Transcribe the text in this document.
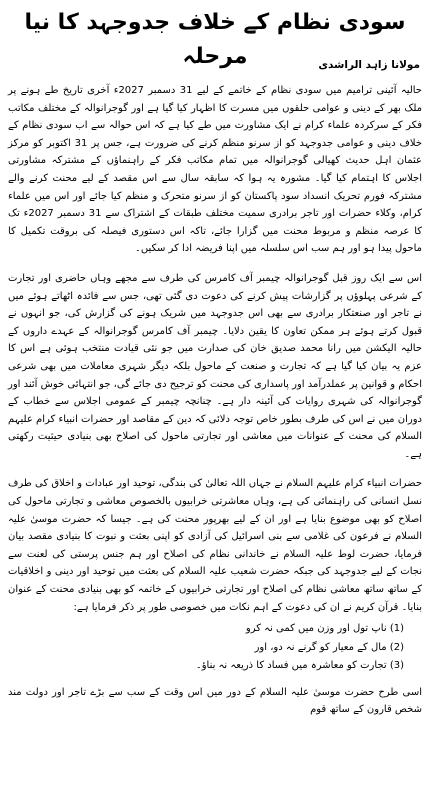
سودی نظام کے خلاف جدوجہد کا نیا مرحلہ	مولانا زاہد الراشدی

حالیہ آئینی ترامیم میں سودی نظام کے خاتمے کے لیے 31 دسمبر 2027ء آخری تاریخ طے ہونے پر ملک بھر کے دینی و عوامی حلقوں میں مسرت کا اظہار کیا گیا ہے اور گوجرانوالہ کے مختلف مکاتب فکر کے سرکردہ علماء کرام نے ایک مشاورت میں طے کیا ہے کہ اس حوالہ سے اب سودی نظام کے خلاف دینی و عوامی جدوجہد کو از سرنو منظم کرنے کی ضرورت ہے، جس پر 31 اکتوبر کو مرکز عثمان اہل حدیث کھیالی گوجرانوالہ میں تمام مکاتب فکر کے راہنماؤں کے مشترکہ مشاورتی اجلاس کا اہتمام کیا گیا۔ مشورہ یہ ہوا کہ سابقہ سال سے اس مقصد کے لیے محنت کرنے والے مشترکہ فورم تحریک انسداد سود پاکستان کو از سرنو متحرک و منظم کیا جائے اور اس میں علماء کرام، وکلاء حضرات اور تاجر برادری سمیت مختلف طبقات کے اشتراک سے 31 دسمبر 2027ء تک کا عرصہ منظم و مربوط محنت میں گزارا جائے، تاکہ اس دستوری فیصلہ کی بروقت تکمیل کا ماحول پیدا ہو اور ہم سب اس سلسلہ میں اپنا فریضہ ادا کر سکیں۔

اس سے ایک روز قبل گوجرانوالہ چیمبر آف کامرس کی طرف سے مجھے وہاں حاضری اور تجارت کے شرعی پہلوؤں پر گزارشات پیش کرنے کی دعوت دی گئی تھی، جس سے فائدہ اٹھاتے ہوئے میں نے تاجر اور صنعتکار برادری سے بھی اس جدوجہد میں شریک ہونے کی گزارش کی، جو انہوں نے قبول کرتے ہوئے ہر ممکن تعاون کا یقین دلایا۔ چیمبر آف کامرس گوجرانوالہ کے عہدے داروں کے حالیہ الیکشن میں رانا محمد صدیق خان کی صدارت میں جو نئی قیادت منتخب ہوئی ہے اس کا عزم یہ بیان کیا گیا ہے کہ تجارت و صنعت کے ماحول بلکہ دیگر شہری معاملات میں بھی شرعی احکام و قوانین پر عملدرآمد اور پاسداری کی محنت کو ترجیح دی جائے گی، جو انتہائی خوش آئند اور گوجرانوالہ کی شہری روایات کی آئینہ دار ہے۔ چنانچہ چیمبر کے عمومی اجلاس سے خطاب کے دوران میں نے اس کی طرف بطور خاص توجہ دلائی کہ دین کے مقاصد اور حضرات انبیاء کرام علیہم السلام کی محنت کے عنوانات میں معاشی اور تجارتی ماحول کی اصلاح بھی بنیادی حیثیت رکھتی ہے۔

حضرات انبیاء کرام علیہم السلام نے جہاں اللہ تعالیٰ کی بندگی، توحید اور عبادات و اخلاق کی طرف نسل انسانی کی راہنمائی کی ہے، وہاں معاشرتی خرابیوں بالخصوص معاشی و تجارتی ماحول کی اصلاح کو بھی موضوع بنایا ہے اور ان کے لیے بھرپور محنت کی ہے۔ جیسا کہ حضرت موسیٰ علیہ السلام نے فرعون کی غلامی سے بنی اسرائیل کی آزادی کو اپنی بعثت و نبوت کا بنیادی مقصد بیان فرمایا، حضرت لوط علیہ السلام نے خاندانی نظام کی اصلاح اور ہم جنس پرستی کی لعنت سے نجات کے لیے جدوجہد کی جبکہ حضرت شعیب علیہ السلام کی بعثت میں توحید اور دینی و اخلاقیات کے ساتھ ساتھ معاشی نظام کی اصلاح اور تجارتی خرابیوں کے خاتمہ کو بھی بنیادی محنت کے عنوان بنایا۔ قرآن کریم نے ان کی دعوت کے اہم نکات میں خصوصی طور پر ذکر فرمایا ہے:

(1) ناپ تول اور وزن میں کمی نہ کرو
(2) مال کے معیار کو گرنے نہ دو، اور
(3) تجارت کو معاشرہ میں فساد کا ذریعہ نہ بناؤ۔

اسی طرح حضرت موسیٰ علیہ السلام کے دور میں اس وقت کے سب سے بڑے تاجر اور دولت مند شخص قارون کے ساتھ قوم
